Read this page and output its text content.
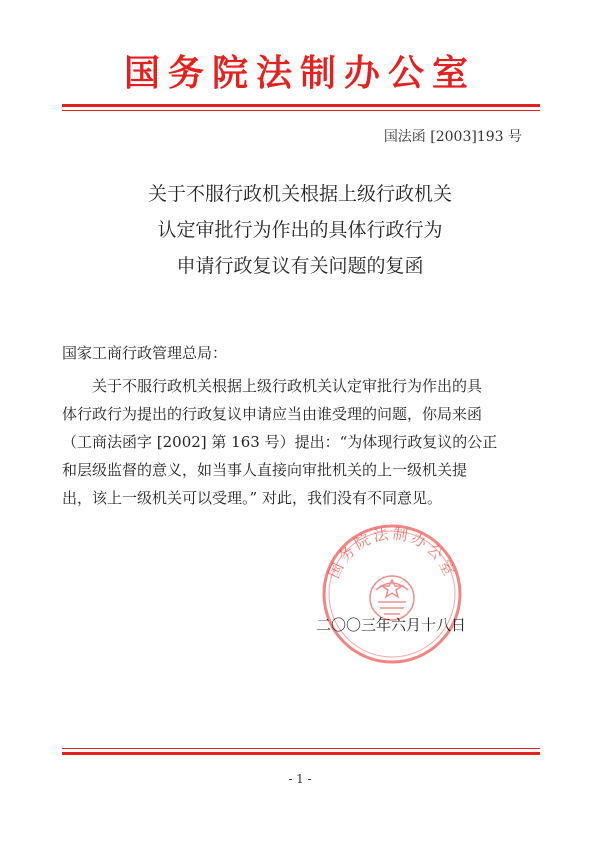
国务院法制办公室
国法函 [2003]193 号
关于不服行政机关根据上级行政机关
认定审批行为作出的具体行政行为
申请行政复议有关问题的复函
国家工商行政管理总局：
　　关于不服行政机关根据上级行政机关认定审批行为作出的具
体行政行为提出的行政复议申请应当由谁受理的问题，你局来函
（工商法函字 [2002] 第 163 号）提出：“为体现行政复议的公正
和层级监督的意义，如当事人直接向审批机关的上一级机关提
出，该上一级机关可以受理。” 对此，我们没有不同意见。
国务院法制办公室
二〇〇三年六月十八日
- 1 -
